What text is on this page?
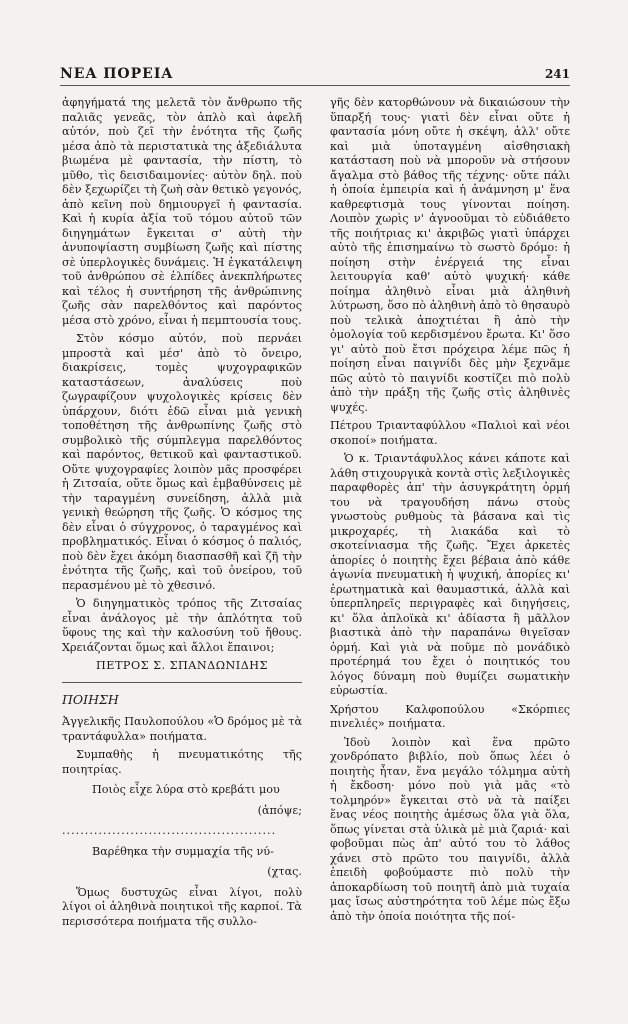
ΝΕΑ ΠΟΡΕΙΑ	241

ἀφηγήματά της μελετᾶ τὸν ἄνθρωπο τῆς παλιᾶς γενεᾶς, τὸν ἁπλὸ καὶ ἀφελῆ αὐτόν, ποὺ ζεῖ τὴν ἑνότητα τῆς ζωῆς μέσα ἀπὸ τὰ περιστατικὰ της ἀξεδιάλυτα βιωμένα μὲ φαντασία, τὴν πίστη, τὸ μῦθο, τὶς δεισιδαιμονίες· αὐτὸν δηλ. ποὺ δὲν ξεχωρίζει τὴ ζωὴ σὰν θετικὸ γεγονός, ἀπὸ κεῖνη ποὺ δημιουργεῖ ἡ φαντασία. Καὶ ἡ κυρία ἀξία τοῦ τόμου αὐτοῦ τῶν διηγημάτων ἔγκειται σ' αὐτὴ τὴν ἀνυποψίαστη συμβίωση ζωῆς καὶ πίστης σὲ ὑπερλογικὲς δυνάμεις. Ἡ ἐγκατάλειψη τοῦ ἀνθρώπου σὲ ἐλπίδες ἀνεκπλήρωτες καὶ τέλος ἡ συντήρηση τῆς ἀνθρώπινης ζωῆς σὰν παρελθόντος καὶ παρόντος μέσα στὸ χρόνο, εἶναι ἡ πεμπτουσία τους.

Στὸν κόσμο αὐτόν, ποὺ περνάει μπροστὰ καὶ μέσ' ἀπὸ τὸ ὄνειρο, διακρίσεις, τομὲς ψυχογραφικῶν καταστάσεων, ἀναλύσεις ποὺ ζωγραφίζουν ψυχολογικὲς κρίσεις δὲν ὑπάρχουν, διότι ἐδῶ εἶναι μιὰ γενικὴ τοποθέτηση τῆς ἀνθρωπίνης ζωῆς στὸ συμβολικὸ τῆς σύμπλεγμα παρελθόντος καὶ παρόντος, θετικοῦ καὶ φανταστικοῦ. Οὔτε ψυχογραφίες λοιπὸν μᾶς προσφέρει ἡ Ζιτσαία, οὔτε ὅμως καὶ ἐμβαθύνσεις μὲ τὴν ταραγμένη συνείδηση, ἀλλὰ μιὰ γενικὴ θεώρηση τῆς ζωῆς. Ὁ κόσμος της δὲν εἶναι ὁ σύγχρονος, ὁ ταραγμένος καὶ προβληματικός. Εἶναι ὁ κόσμος ὁ παλιός, ποὺ δὲν ἔχει ἀκόμη διασπασθῆ καὶ ζῆ τὴν ἑνότητα τῆς ζωῆς, καὶ τοῦ ὀνείρου, τοῦ περασμένου μὲ τὸ χθεσινό.

Ὁ διηγηματικὸς τρόπος τῆς Ζιτσαίας εἶναι ἀνάλογος μὲ τὴν ἁπλότητα τοῦ ὕφους της καὶ τὴν καλοσύνη τοῦ ἤθους. Χρειάζονται ὅμως καὶ ἄλλοι ἔπαινοι;

ΠΕΤΡΟΣ Σ. ΣΠΑΝΔΩΝΙΔΗΣ
ΠΟΙΗΣΗ

Ἀγγελικῆς Παυλοπούλου «Ὁ δρόμος μὲ τὰ τραντάφυλλα» ποιήματα.

Συμπαθὴς ἡ πνευματικότης τῆς ποιητρίας.

Ποιὸς εἶχε λύρα στὸ κρεβάτι μου
(ἀπόψε;
...............................................
Βαρέθηκα τὴν συμμαχία τῆς νύ-
(χτας.

Ὅμως δυστυχῶς εἶναι λίγοι, πολὺ λίγοι οἱ ἀληθινὰ ποιητικοὶ τῆς καρποί. Τὰ περισσότερα ποιήματα τῆς συλλο-

γῆς δὲν κατορθώνουν νὰ δικαιώσουν τὴν ὕπαρξή τους· γιατὶ δὲν εἶναι οὔτε ἡ φαντασία μόνη οὔτε ἡ σκέψη, ἀλλ' οὔτε καὶ μιὰ ὑποταγμένη αἰσθησιακὴ κατάσταση ποὺ νὰ μποροῦν νὰ στήσουν ἄγαλμα στὸ βάθος τῆς τέχνης· οὔτε πάλι ἡ ὁποία ἐμπειρία καὶ ἡ ἀνάμνηση μ' ἕνα καθρεφτισμὰ τους γίνονται ποίηση. Λοιπὸν χωρὶς ν' ἀγνοοῦμαι τὸ εὐδιάθετο τῆς ποιήτριας κι' ἀκριβῶς γιατὶ ὑπάρχει αὐτὸ τῆς ἐπισημαίνω τὸ σωστὸ δρόμο: ἡ ποίηση στὴν ἐνέργειά της εἶναι λειτουργία καθ' αὐτὸ ψυχική· κάθε ποίημα ἀληθινὸ εἶναι μιὰ ἀληθινὴ λύτρωση, ὅσο πὸ ἀληθινὴ ἀπὸ τὸ θησαυρὸ ποὺ τελικὰ ἀποχτιέται ἢ ἀπὸ τὴν ὁμολογία τοῦ κερδισμένου ἔρωτα. Κι' ὅσο γι' αὐτὸ ποὺ ἔτσι πρόχειρα λέμε πῶς ἡ ποίηση εἶναι παιγνίδι δὲς μὴν ξεχνᾶμε πῶς αὐτὸ τὸ παιγνίδι κοστίζει πιὸ πολὺ ἀπὸ τὴν πράξη τῆς ζωῆς στὶς ἀληθινὲς ψυχές.

Πέτρου Τριανταφύλλου «Παλιοὶ καὶ νέοι σκοποί» ποιήματα.

Ὁ κ. Τριαντάφυλλος κάνει κάποτε καὶ λάθη στιχουργικὰ κοντὰ στὶς λεξιλογικὲς παραφθορὲς ἀπ' τὴν ἀσυγκράτητη ὁρμή του νὰ τραγουδήση πάνω στοὺς γνωστοὺς ρυθμοὺς τὰ βάσανα καὶ τὶς μικροχαρές, τὴ λιακάδα καὶ τὸ σκοτείνιασμα τῆς ζωῆς. Ἔχει ἀρκετὲς ἀπορίες ὁ ποιητὴς ἔχει βέβαια ἀπὸ κάθε ἀγωνία πνευματικὴ ἡ ψυχική, ἀπορίες κι' ἐρωτηματικὰ καὶ θαυμαστικά, ἀλλὰ καὶ ὑπερπληρεῖς περιγραφὲς καὶ διηγήσεις, κι' ὅλα ἁπλοϊκὰ κι' ἀδίαστα ἢ μᾶλλον βιαστικὰ ἀπὸ τὴν παραπάνω θιγεῖσαν ὁρμή. Καὶ γιὰ νὰ ποῦμε πὸ μονάδικὸ προτέρημά του ἔχει ὁ ποιητικός του λόγος δύναμη ποὺ θυμίζει σωματικὴν εὐρωστία.

Χρήστου Καλφοπούλου «Σκόρπιες πινελιές» ποιήματα.

Ἰδοὺ λοιπὸν καὶ ἕνα πρῶτο χονδρόπατο βιβλίο, ποὺ ὅπως λέει ὁ ποιητὴς ἦταν, ἕνα μεγάλο τόλμημα αὐτὴ ἡ ἔκδοση· μόνο ποὺ γιὰ μᾶς «τὸ τολμηρόν» ἔγκειται στὸ νὰ τὰ παίξει ἕνας νέος ποιητὴς ἀμέσως ὅλα γιὰ ὅλα, ὅπως γίνεται στὰ ὑλικὰ μὲ μιὰ ζαριά· καὶ φοβοῦμαι πὼς ἀπ' αὐτό του τὸ λάθος χάνει στὸ πρῶτο του παιγνίδι, ἀλλὰ ἐπειδὴ φοβούμαστε πιὸ πολὺ τὴν ἀποκαρδίωση τοῦ ποιητῆ ἀπὸ μιὰ τυχαία μας ἴσως αὐστηρότητα τοῦ λέμε πὼς ἔξω ἀπὸ τὴν ὁποία ποιότητα τῆς ποί-
